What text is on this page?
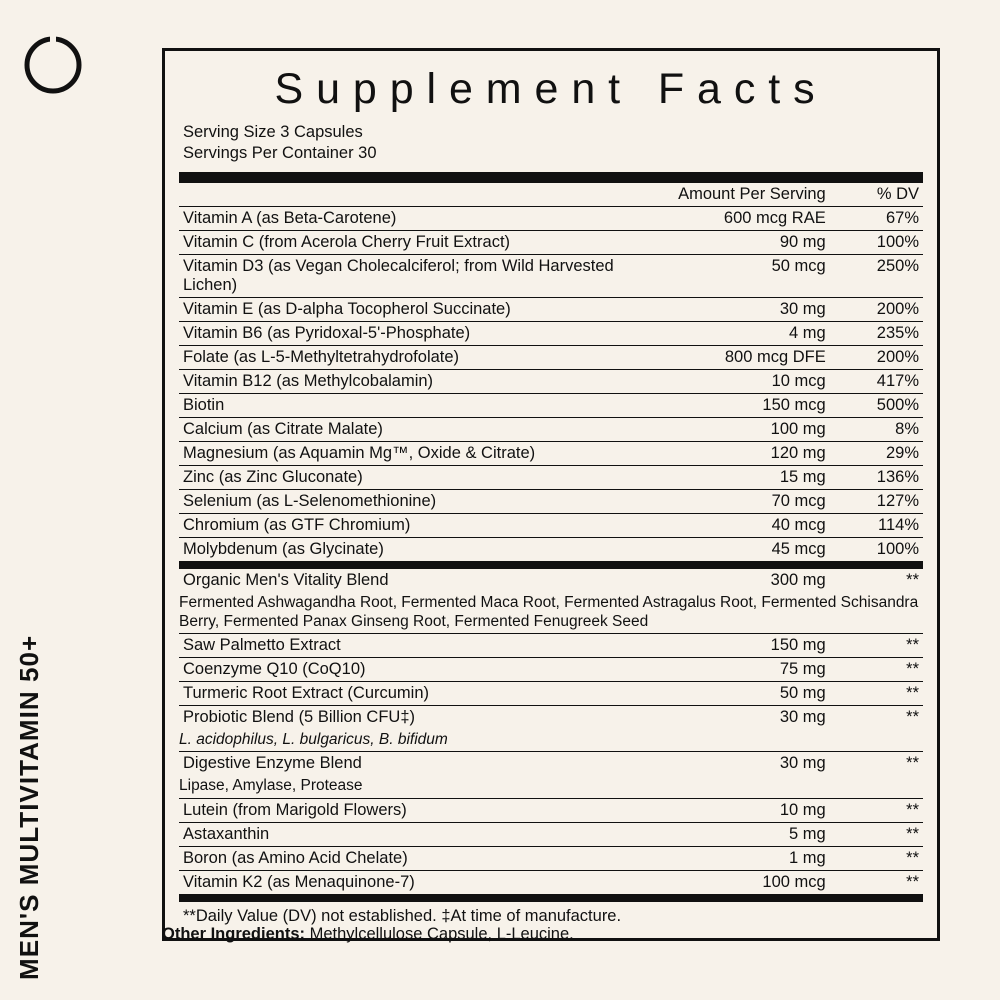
MEN'S MULTIVITAMIN 50+
Supplement Facts
Serving Size 3 Capsules
Servings Per Container 30
	Amount Per Serving	% DV
Vitamin A (as Beta-Carotene)	600 mcg RAE	67%
Vitamin C (from Acerola Cherry Fruit Extract)	90 mg	100%
Vitamin D3 (as Vegan Cholecalciferol; from Wild Harvested Lichen)	50 mcg	250%
Vitamin E (as D-alpha Tocopherol Succinate)	30 mg	200%
Vitamin B6 (as Pyridoxal-5'-Phosphate)	4 mg	235%
Folate (as L-5-Methyltetrahydrofolate)	800 mcg DFE	200%
Vitamin B12 (as Methylcobalamin)	10 mcg	417%
Biotin	150 mcg	500%
Calcium (as Citrate Malate)	100 mg	8%
Magnesium (as Aquamin Mg™, Oxide & Citrate)	120 mg	29%
Zinc (as Zinc Gluconate)	15 mg	136%
Selenium (as L-Selenomethionine)	70 mcg	127%
Chromium (as GTF Chromium)	40 mcg	114%
Molybdenum (as Glycinate)	45 mcg	100%
Organic Men's Vitality Blend	300 mg	**
Fermented Ashwagandha Root, Fermented Maca Root, Fermented Astragalus Root, Fermented Schisandra Berry, Fermented Panax Ginseng Root, Fermented Fenugreek Seed		
Saw Palmetto Extract	150 mg	**
Coenzyme Q10 (CoQ10)	75 mg	**
Turmeric Root Extract (Curcumin)	50 mg	**
Probiotic Blend (5 Billion CFU‡)	30 mg	**
L. acidophilus, L. bulgaricus, B. bifidum		
Digestive Enzyme Blend	30 mg	**
Lipase, Amylase, Protease		
Lutein (from Marigold Flowers)	10 mg	**
Astaxanthin	5 mg	**
Boron (as Amino Acid Chelate)	1 mg	**
Vitamin K2 (as Menaquinone-7)	100 mcg	**
**Daily Value (DV) not established. ‡At time of manufacture.
Other Ingredients: Methylcellulose Capsule, L-Leucine.
